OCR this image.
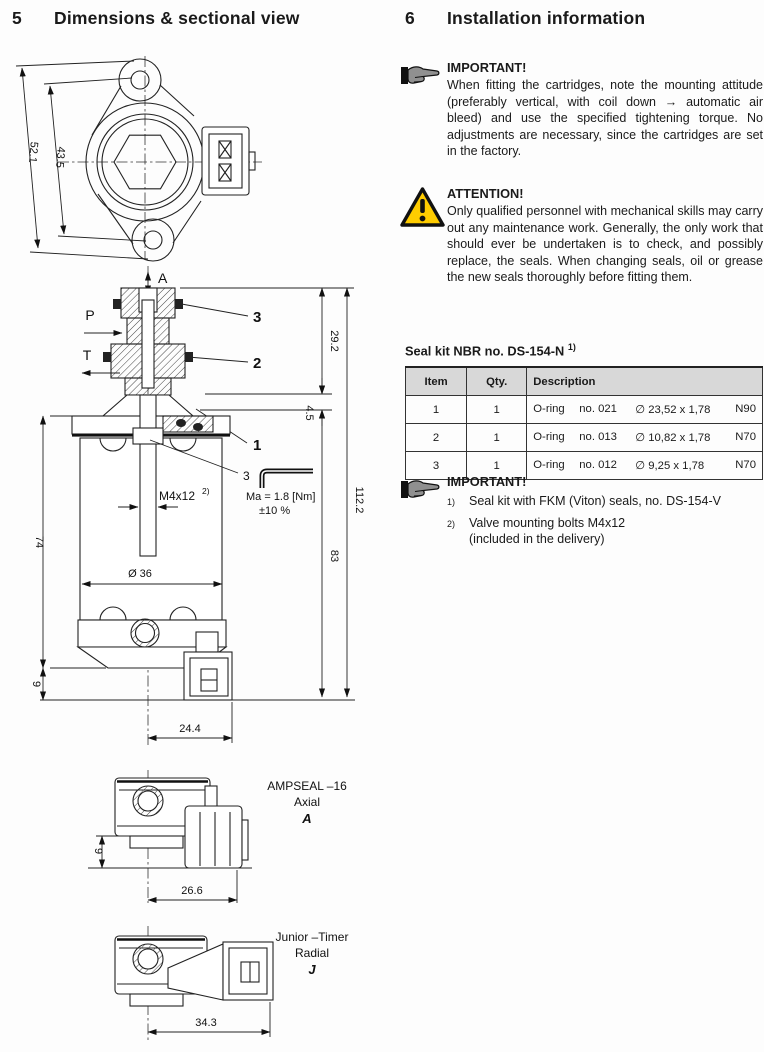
5 Dimensions & sectional view	6 Installation information

IMPORTANT!

When fitting the cartridges, note the mounting attitude (preferably vertical, with coil down → automatic air bleed) and use the specified tightening torque. No adjustments are necessary, since the cartridges are set in the factory.

ATTENTION!

Only qualified personnel with mechanical skills may carry out any maintenance work. Generally, the only work that should ever be undertaken is to check, and possibly replace, the seals. When changing seals, oil or grease the new seals thoroughly before fitting them.

Seal kit NBR no. DS-154-N $^{1)}$
Item	Qty.	Description
1	1	O-ring no. 021 ∅ 23,52 x 1,78 N90

2	1	O-ring no. 013 ∅ 10,82 x 1,78 N70

3	1	O-ring no. 012 ∅ 9,25 x 1,78 N70

IMPORTANT!

1)	Seal kit with FKM (Viton) seals, no. DS-154-V
2)	Valve mounting bolts M4x12
(included in the delivery)
52.1 43.5
A
P
T
3
2
1
3
Ma = 1.8 [Nm]
±10 %
M4x12 2)
Ø 36
74
9
29.2
4.5
83
112.2
24.4
9
26.6
AMPSEAL –16
Axial
A
34.3
Junior –Timer
Radial
J
